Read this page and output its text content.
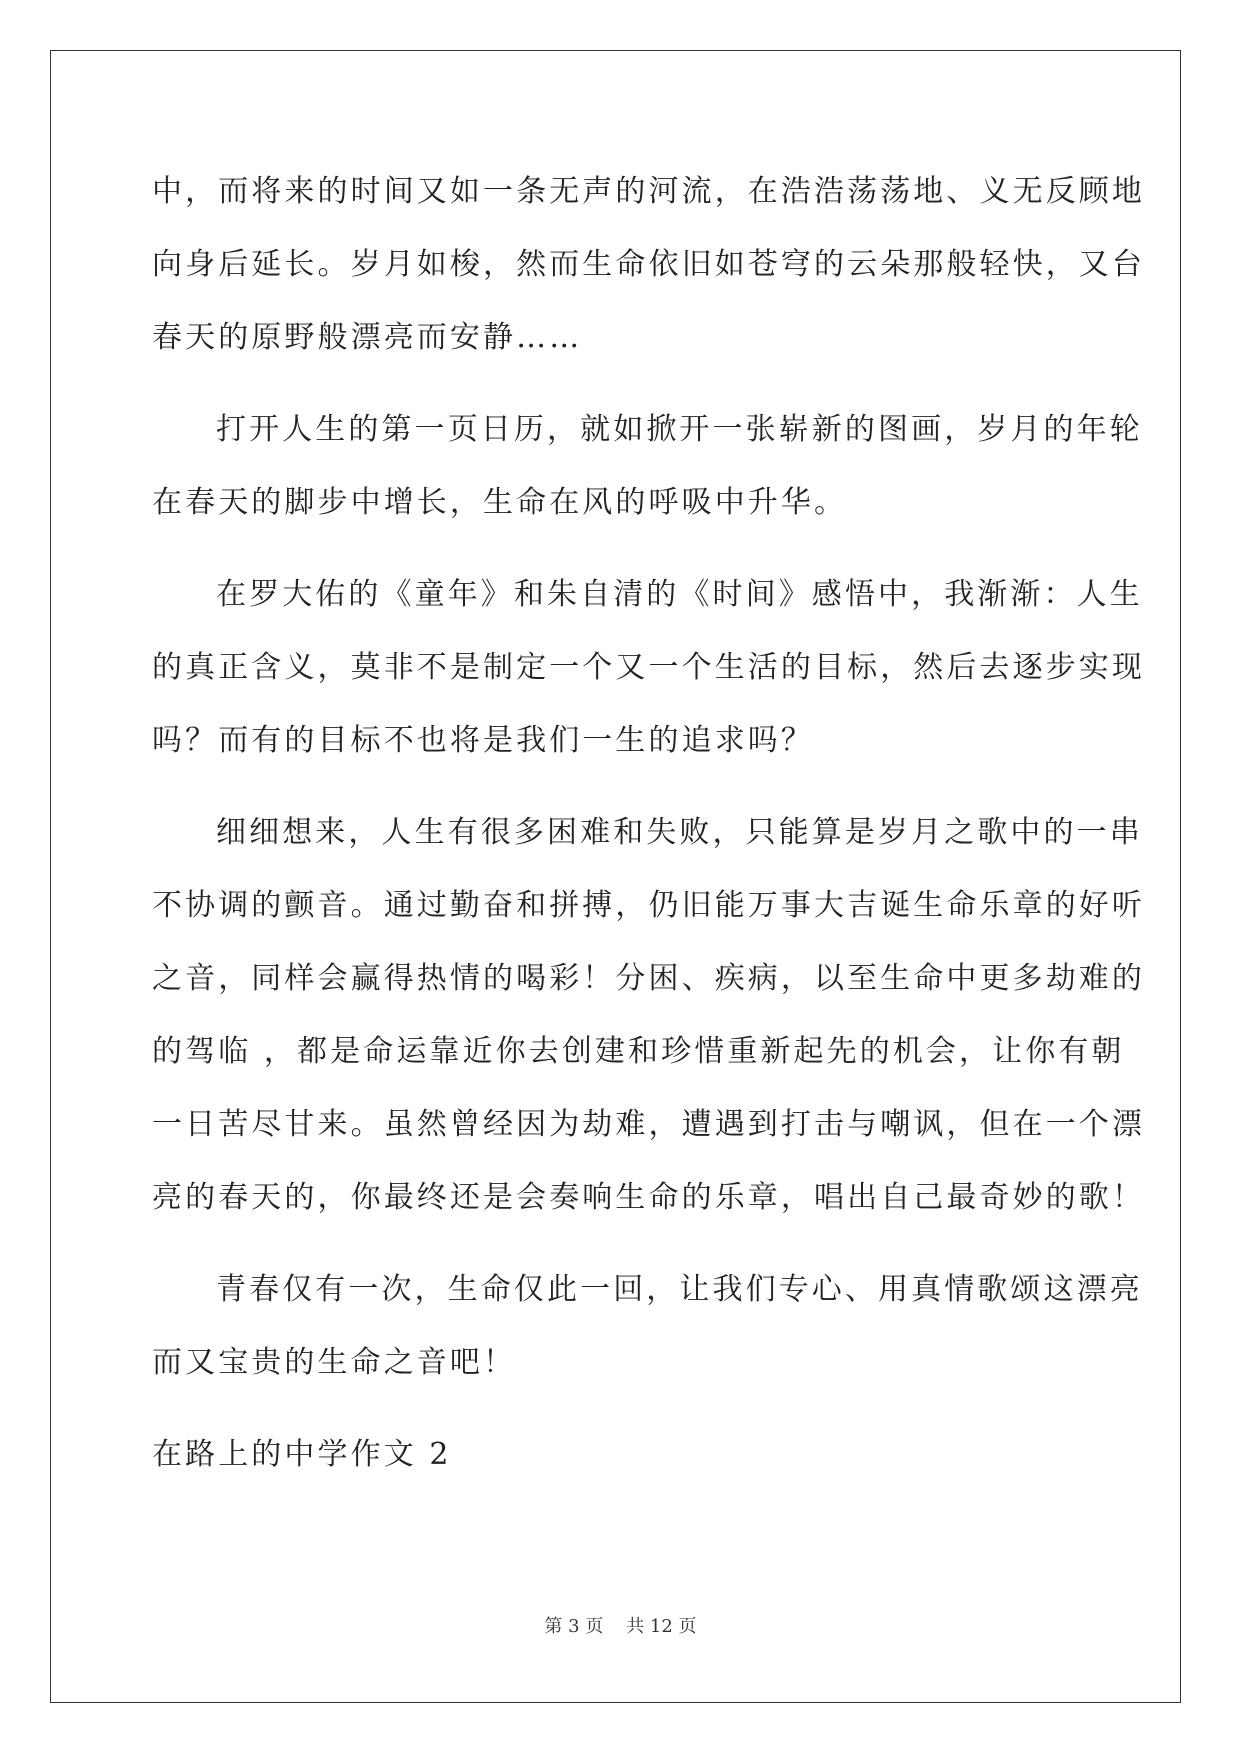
中，而将来的时间又如一条无声的河流，在浩浩荡荡地、义无反顾地
向身后延长。岁月如梭，然而生命依旧如苍穹的云朵那般轻快，又台
春天的原野般漂亮而安静……
打开人生的第一页日历，就如掀开一张崭新的图画，岁月的年轮
在春天的脚步中增长，生命在风的呼吸中升华。
在罗大佑的《童年》和朱自清的《时间》感悟中，我渐渐：人生
的真正含义，莫非不是制定一个又一个生活的目标，然后去逐步实现
吗？而有的目标不也将是我们一生的追求吗？
细细想来，人生有很多困难和失败，只能算是岁月之歌中的一串
不协调的颤音。通过勤奋和拼搏，仍旧能万事大吉诞生命乐章的好听
之音，同样会赢得热情的喝彩！分困、疾病，以至生命中更多劫难的
的驾临 ，都是命运靠近你去创建和珍惜重新起先的机会，让你有朝
一日苦尽甘来。虽然曾经因为劫难，遭遇到打击与嘲讽，但在一个漂
亮的春天的，你最终还是会奏响生命的乐章，唱出自己最奇妙的歌！
青春仅有一次，生命仅此一回，让我们专心、用真情歌颂这漂亮
而又宝贵的生命之音吧！
在路上的中学作文 2
第 3 页    共 12 页
